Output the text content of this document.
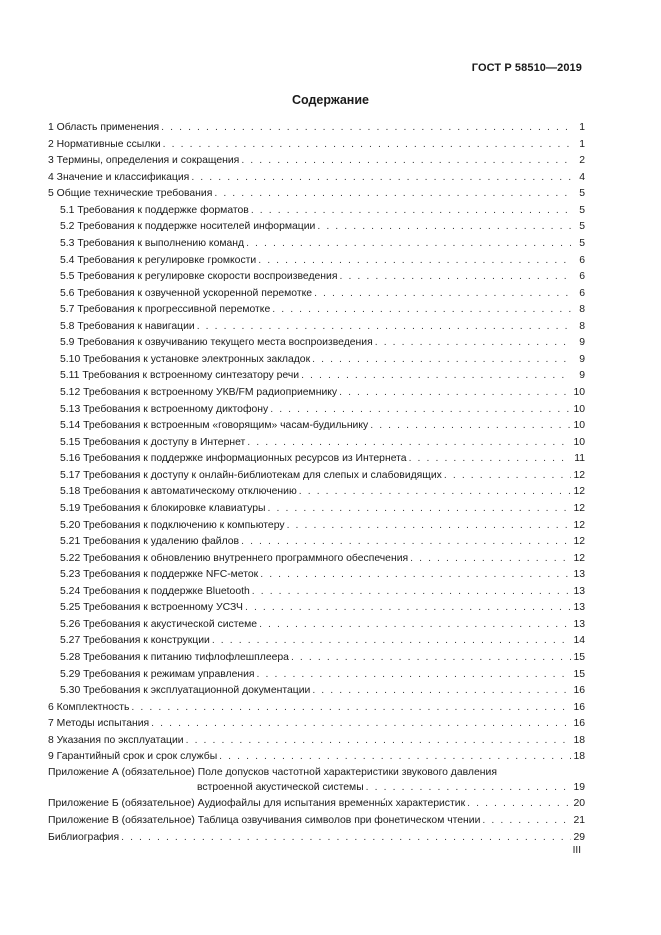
ГОСТ Р 58510—2019
Содержание
1 Область применения . . .	1
2 Нормативные ссылки . . .	1
3 Термины, определения и сокращения . . .	2
4 Значение и классификация . . .	4
5 Общие технические требования . . .	5
5.1 Требования к поддержке форматов . . .	5
5.2 Требования к поддержке носителей информации . . .	5
5.3 Требования к выполнению команд . . .	5
5.4 Требования к регулировке громкости . . .	6
5.5 Требования к регулировке скорости воспроизведения . . .	6
5.6 Требования к озвученной ускоренной перемотке . . .	6
5.7 Требования к прогрессивной перемотке . . .	8
5.8 Требования к навигации . . .	8
5.9 Требования к озвучиванию текущего места воспроизведения . . .	9
5.10 Требования к установке электронных закладок . . .	9
5.11 Требования к встроенному синтезатору речи . . .	9
5.12 Требования к встроенному УКВ/FM радиоприемнику . . .	10
5.13 Требования к встроенному диктофону . . .	10
5.14 Требования к встроенным «говорящим» часам-будильнику . . .	10
5.15 Требования к доступу в Интернет . . .	10
5.16 Требования к поддержке информационных ресурсов из Интернета . . .	11
5.17 Требования к доступу к онлайн-библиотекам для слепых и слабовидящих . . .	12
5.18 Требования к автоматическому отключению . . .	12
5.19 Требования к блокировке клавиатуры . . .	12
5.20 Требования к подключению к компьютеру . . .	12
5.21 Требования к удалению файлов . . .	12
5.22 Требования к обновлению внутреннего программного обеспечения . . .	12
5.23 Требования к поддержке NFC-меток . . .	13
5.24 Требования к поддержке Bluetooth . . .	13
5.25 Требования к встроенному УСЗЧ . . .	13
5.26 Требования к акустической системе . . .	13
5.27 Требования к конструкции . . .	14
5.28 Требования к питанию тифлофлешплеера . . .	15
5.29 Требования к режимам управления . . .	15
5.30 Требования к эксплуатационной документации . . .	16
6 Комплектность . . .	16
7 Методы испытания . . .	16
8 Указания по эксплуатации . . .	18
9 Гарантийный срок и срок службы . . .	18
Приложение А (обязательное) Поле допусков частотной характеристики звукового давления
встроенной акустической системы . . .	19
Приложение Б (обязательное) Аудиофайлы для испытания временны́х характеристик . . .	20
Приложение В (обязательное) Таблица озвучивания символов при фонетическом чтении . . .	21
Библиография . . .	29
III
